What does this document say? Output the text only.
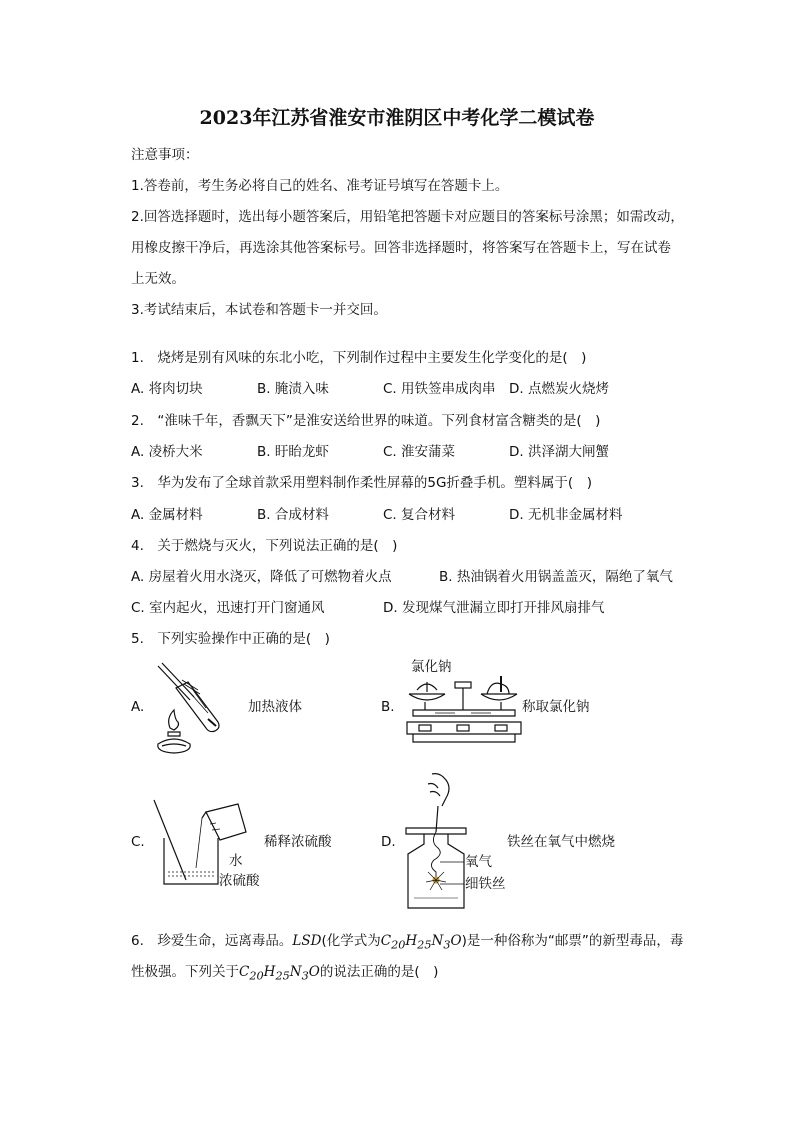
2023年江苏省淮安市淮阴区中考化学二模试卷
注意事项：
1.答卷前，考生务必将自己的姓名、准考证号填写在答题卡上。
2.回答选择题时，选出每小题答案后，用铅笔把答题卡对应题目的答案标号涂黑；如需改动，
用橡皮擦干净后，再选涂其他答案标号。回答非选择题时，将答案写在答题卡上，写在试卷
上无效。
3.考试结束后，本试卷和答题卡一并交回。
1.　烧烤是别有风味的东北小吃，下列制作过程中主要发生化学变化的是(　)
A. 将肉切块	B. 腌渍入味	C. 用铁签串成肉串 D. 点燃炭火烧烤
2.　“淮味千年，香飘天下”是淮安送给世界的味道。下列食材富含糖类的是(　)
A. 凌桥大米	B. 盱眙龙虾	C. 淮安蒲菜	D. 洪泽湖大闸蟹
3.　华为发布了全球首款采用塑料制作柔性屏幕的5G折叠手机。塑料属于(　)
A. 金属材料	B. 合成材料	C. 复合材料	D. 无机非金属材料
4.　关于燃烧与灭火，下列说法正确的是(　)
A. 房屋着火用水浇灭，降低了可燃物着火点	B. 热油锅着火用锅盖盖灭，隔绝了氧气
C. 室内起火，迅速打开门窗通风	D. 发现煤气泄漏立即打开排风扇排气
5.　下列实验操作中正确的是(　)
A.	加热液体
氯化钠
B.	称取氯化钠
C.	稀释浓硫酸
水
浓硫酸
D.	铁丝在氧气中燃烧
氧气
细铁丝
6.　珍爱生命，远离毒品。LSD(化学式为$C_{20}H_{25}N_3O$)是一种俗称为“邮票”的新型毒品，毒
性极强。下列关于$C_{20}H_{25}N_3O$的说法正确的是(　)
